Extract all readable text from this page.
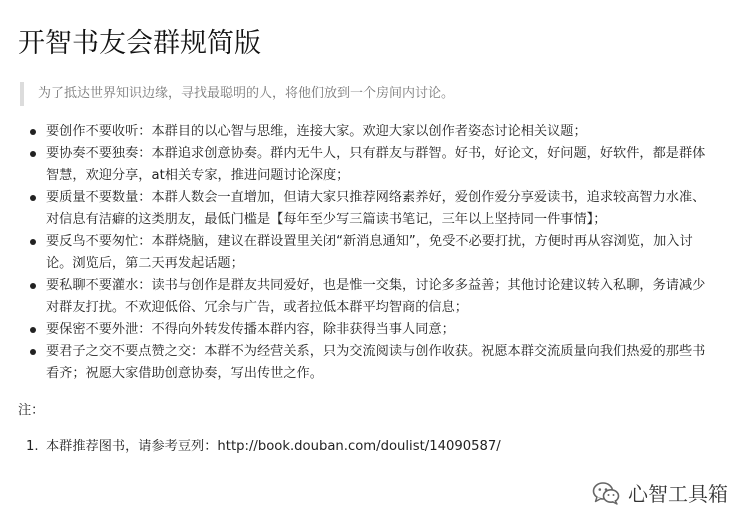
开智书友会群规简版
为了抵达世界知识边缘，寻找最聪明的人，将他们放到一个房间内讨论。
要创作不要收听：本群目的以心智与思维，连接大家。欢迎大家以创作者姿态讨论相关议题；
要协奏不要独奏：本群追求创意协奏。群内无牛人，只有群友与群智。好书，好论文，好问题，好软件，都是群体智慧，欢迎分享，at相关专家，推进问题讨论深度；
要质量不要数量：本群人数会一直增加，但请大家只推荐网络素养好，爱创作爱分享爱读书，追求较高智力水准、对信息有洁癖的这类朋友，最低门槛是【每年至少写三篇读书笔记，三年以上坚持同一件事情】；
要反鸟不要匆忙：本群烧脑，建议在群设置里关闭“新消息通知”，免受不必要打扰，方便时再从容浏览，加入讨论。浏览后，第二天再发起话题；
要私聊不要灌水：读书与创作是群友共同爱好，也是惟一交集，讨论多多益善；其他讨论建议转入私聊，务请减少对群友打扰。不欢迎低俗、冗余与广告，或者拉低本群平均智商的信息；
要保密不要外泄：不得向外转发传播本群内容，除非获得当事人同意；
要君子之交不要点赞之交：本群不为经营关系，只为交流阅读与创作收获。祝愿本群交流质量向我们热爱的那些书看齐；祝愿大家借助创意协奏，写出传世之作。
注：
1. 本群推荐图书，请参考豆列：http://book.douban.com/doulist/14090587/
心智工具箱
